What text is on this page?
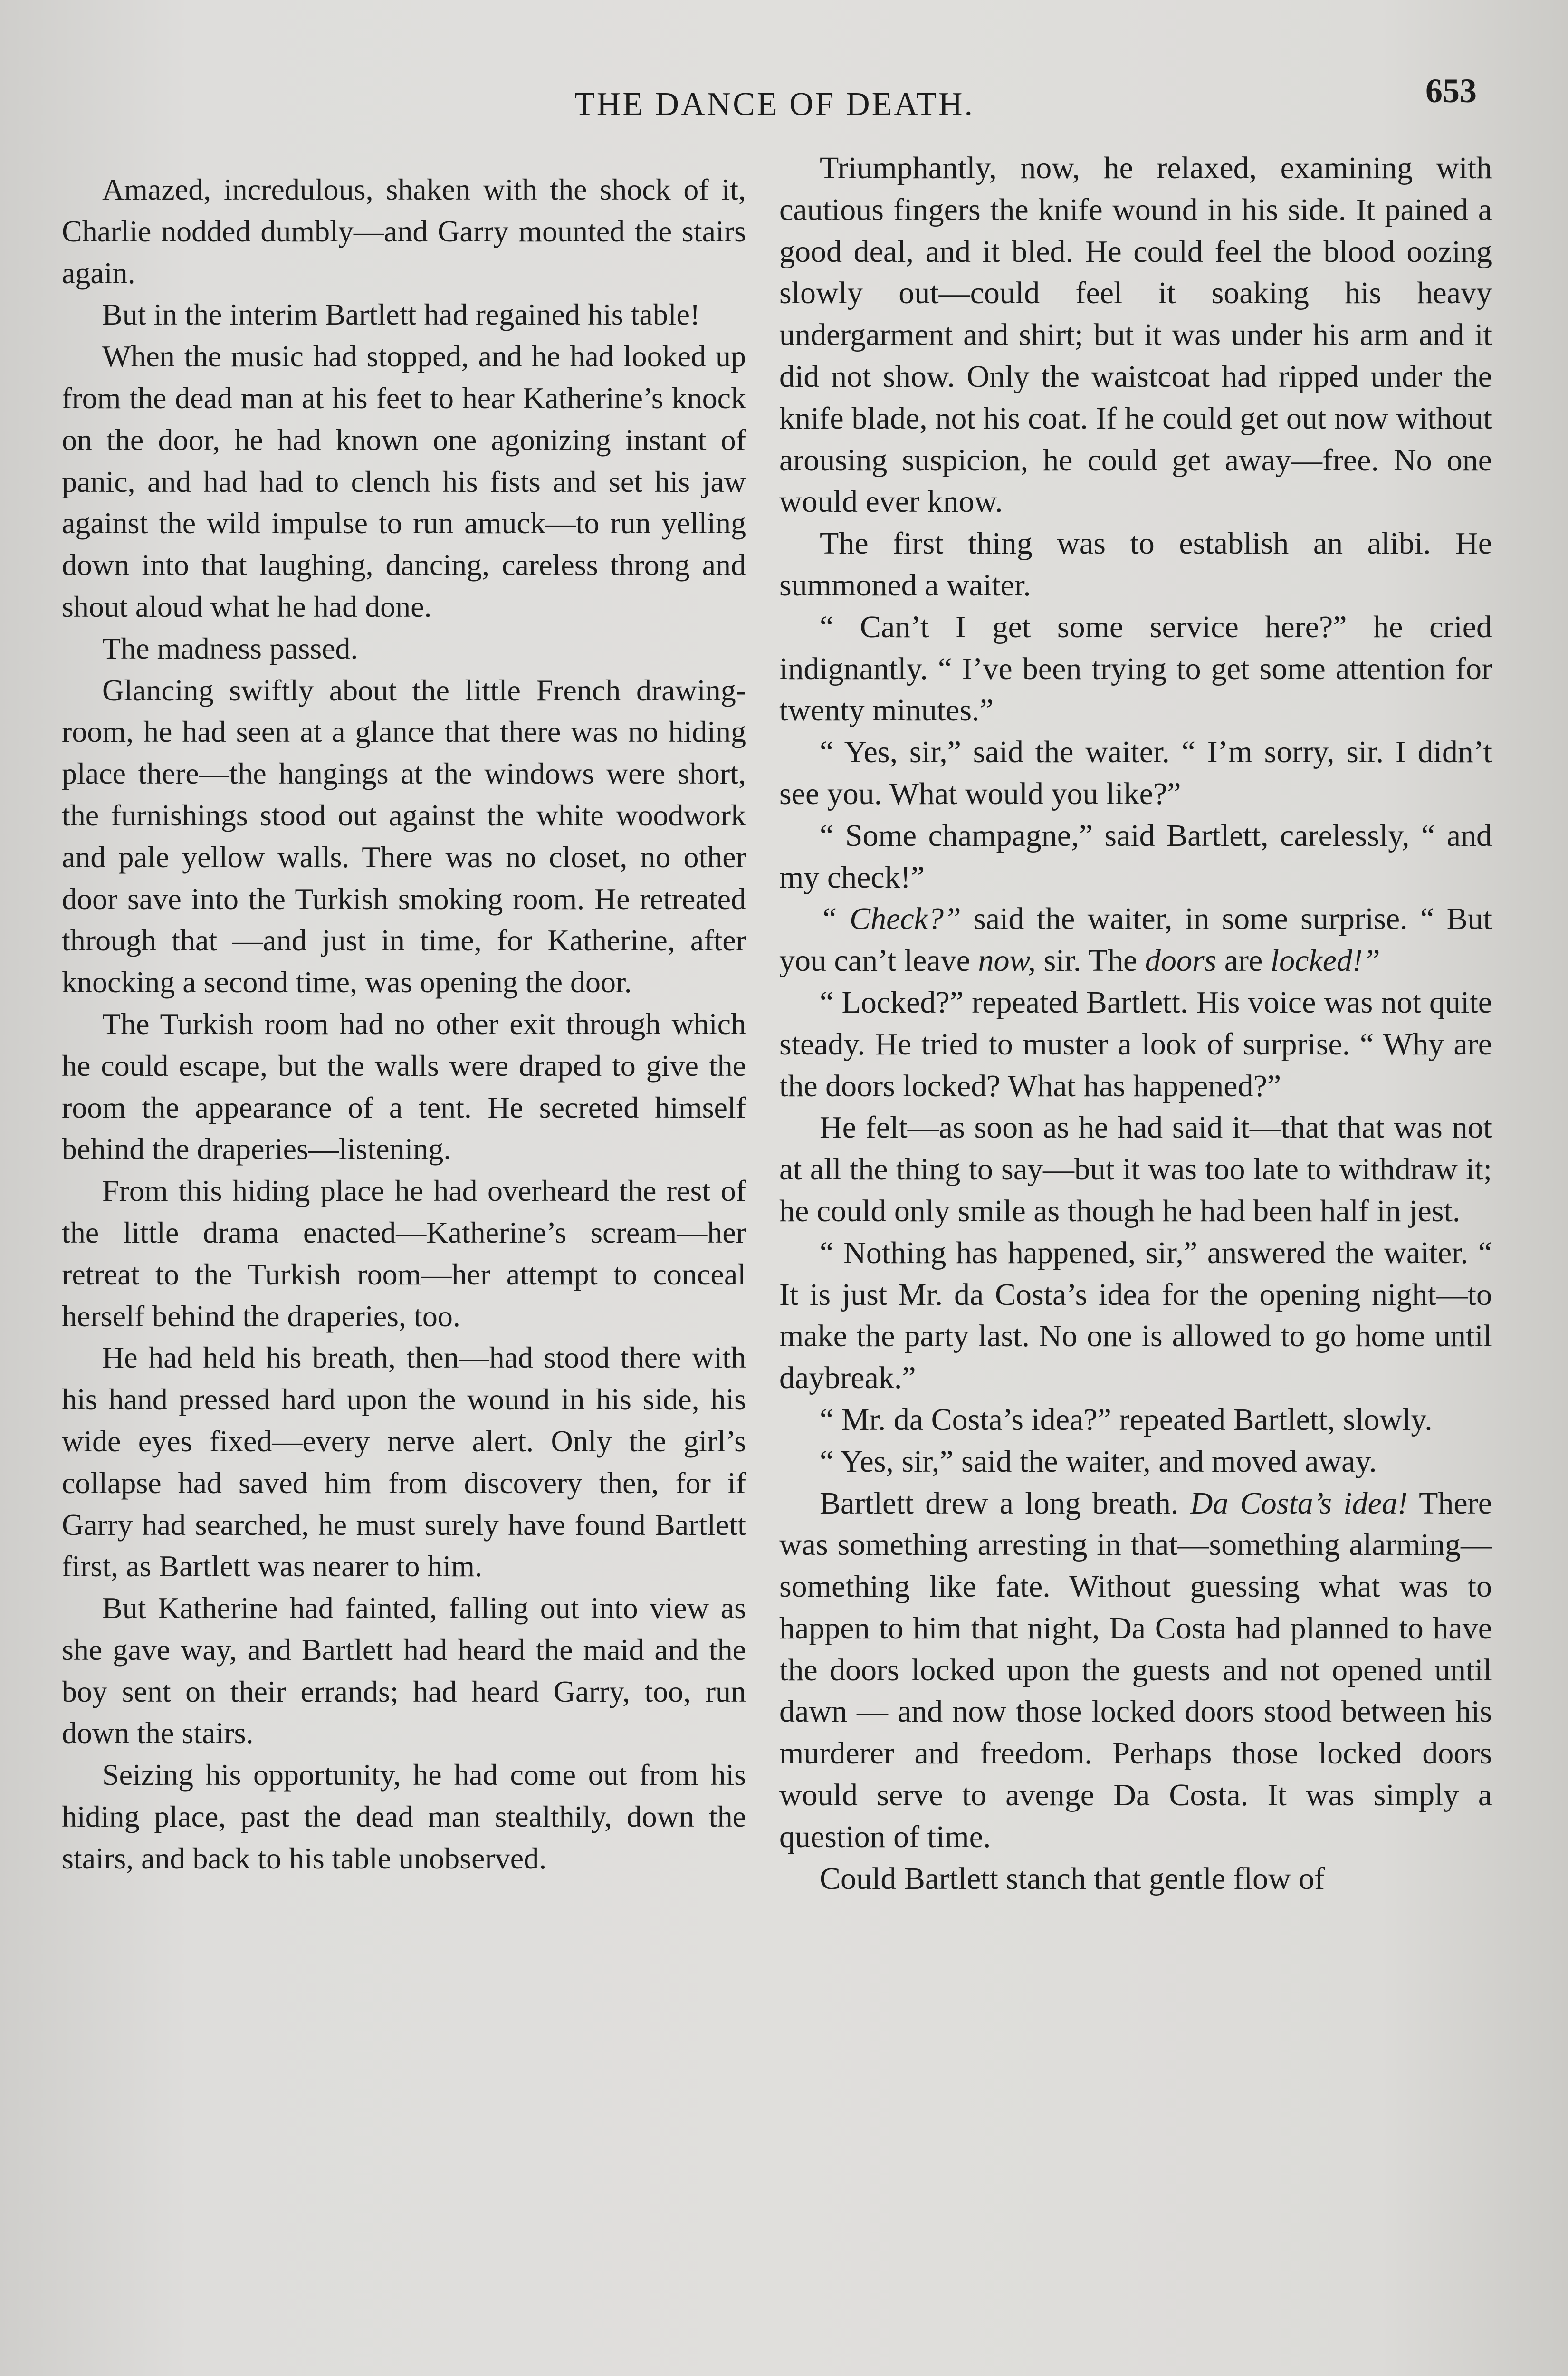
THE DANCE OF DEATH.	653

Amazed, incredulous, shaken with the shock of it, Charlie nodded dumbly—and Garry mounted the stairs again.

But in the interim Bartlett had regained his table!

When the music had stopped, and he had looked up from the dead man at his feet to hear Katherine’s knock on the door, he had known one agonizing instant of panic, and had had to clench his fists and set his jaw against the wild impulse to run amuck—to run yelling down into that laughing, dancing, careless throng and shout aloud what he had done.

The madness passed.

Glancing swiftly about the little French drawing-room, he had seen at a glance that there was no hiding place there—the hangings at the windows were short, the furnishings stood out against the white woodwork and pale yellow walls. There was no closet, no other door save into the Turkish smoking room. He retreated through that —and just in time, for Katherine, after knocking a second time, was opening the door.

The Turkish room had no other exit through which he could escape, but the walls were draped to give the room the appearance of a tent. He secreted himself behind the draperies—listening.

From this hiding place he had overheard the rest of the little drama enacted—Katherine’s scream—her retreat to the Turkish room—her attempt to conceal herself behind the draperies, too.

He had held his breath, then—had stood there with his hand pressed hard upon the wound in his side, his wide eyes fixed—every nerve alert. Only the girl’s collapse had saved him from discovery then, for if Garry had searched, he must surely have found Bartlett first, as Bartlett was nearer to him.

But Katherine had fainted, falling out into view as she gave way, and Bartlett had heard the maid and the boy sent on their errands; had heard Garry, too, run down the stairs.

Seizing his opportunity, he had come out from his hiding place, past the dead man stealthily, down the stairs, and back to his table unobserved.

Triumphantly, now, he relaxed, examining with cautious fingers the knife wound in his side. It pained a good deal, and it bled. He could feel the blood oozing slowly out—could feel it soaking his heavy undergarment and shirt; but it was under his arm and it did not show. Only the waistcoat had ripped under the knife blade, not his coat. If he could get out now without arousing suspicion, he could get away—free. No one would ever know.

The first thing was to establish an alibi. He summoned a waiter.

“ Can’t I get some service here?” he cried indignantly. “ I’ve been trying to get some attention for twenty minutes.”

“ Yes, sir,” said the waiter. “ I’m sorry, sir. I didn’t see you. What would you like?”

“ Some champagne,” said Bartlett, carelessly, “ and my check!”

“ Check?” said the waiter, in some surprise. “ But you can’t leave now, sir. The doors are locked!”

“ Locked?” repeated Bartlett. His voice was not quite steady. He tried to muster a look of surprise. “ Why are the doors locked? What has happened?”

He felt—as soon as he had said it—that that was not at all the thing to say—but it was too late to withdraw it; he could only smile as though he had been half in jest.

“ Nothing has happened, sir,” answered the waiter. “ It is just Mr. da Costa’s idea for the opening night—to make the party last. No one is allowed to go home until daybreak.”

“ Mr. da Costa’s idea?” repeated Bartlett, slowly.

“ Yes, sir,” said the waiter, and moved away.

Bartlett drew a long breath. Da Costa’s idea! There was something arresting in that—something alarming—something like fate. Without guessing what was to happen to him that night, Da Costa had planned to have the doors locked upon the guests and not opened until dawn — and now those locked doors stood between his murderer and freedom. Perhaps those locked doors would serve to avenge Da Costa. It was simply a question of time.

Could Bartlett stanch that gentle flow of
